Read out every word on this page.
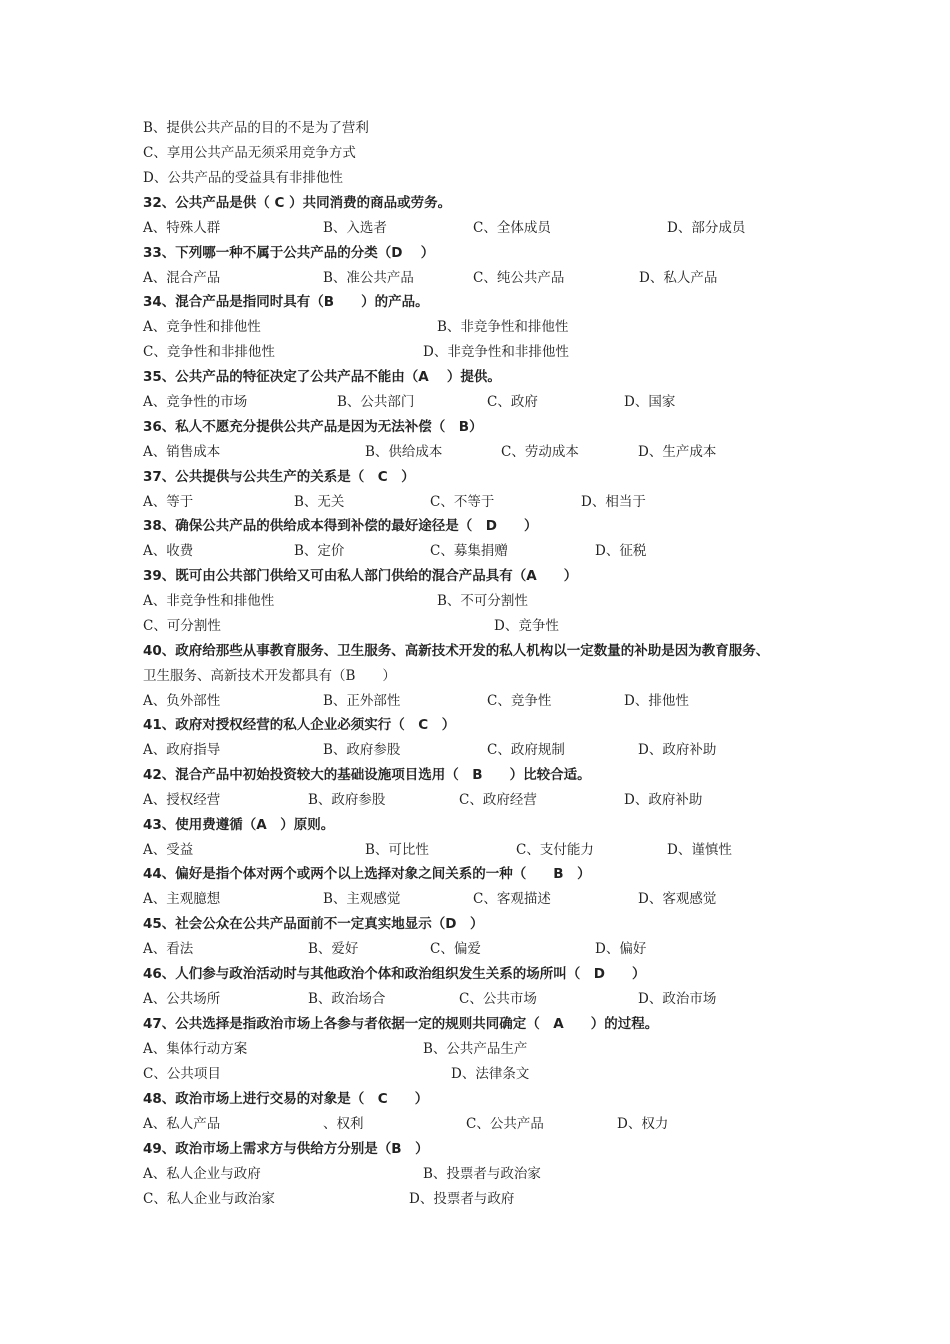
B、提供公共产品的目的不是为了营利
C、享用公共产品无须采用竞争方式
D、公共产品的受益具有非排他性
32、公共产品是供（ C ）共同消费的商品或劳务。
A、特殊人群	B、入选者	C、全体成员	D、部分成员
33、下列哪一种不属于公共产品的分类（D　 ）
A、混合产品	B、准公共产品	C、纯公共产品	D、私人产品
34、混合产品是指同时具有（B　　）的产品。
A、竞争性和排他性	B、非竞争性和排他性
C、竞争性和非排他性	D、非竞争性和非排他性
35、公共产品的特征决定了公共产品不能由（A　 ）提供。
A、竞争性的市场	B、公共部门	C、政府	D、国家
36、私人不愿充分提供公共产品是因为无法补偿（　B）
A、销售成本	B、供给成本	C、劳动成本	D、生产成本
37、公共提供与公共生产的关系是（　C　）
A、等于	B、无关	C、不等于	D、相当于
38、确保公共产品的供给成本得到补偿的最好途径是（　D　　）
A、收费	B、定价	C、募集捐赠	D、征税
39、既可由公共部门供给又可由私人部门供给的混合产品具有（A　　）
A、非竞争性和排他性	B、不可分割性
C、可分割性	D、竞争性
40、政府给那些从事教育服务、卫生服务、高新技术开发的私人机构以一定数量的补助是因为教育服务、
卫生服务、高新技术开发都具有（B　　）
A、负外部性	B、正外部性	C、竞争性	D、排他性
41、政府对授权经营的私人企业必须实行（　C　）
A、政府指导	B、政府参股	C、政府规制	D、政府补助
42、混合产品中初始投资较大的基础设施项目选用（　B　　）比较合适。
A、授权经营	B、政府参股	C、政府经营	D、政府补助
43、使用费遵循（A　）原则。
A、受益	B、可比性	C、支付能力	D、谨慎性
44、偏好是指个体对两个或两个以上选择对象之间关系的一种（　　B　）
A、主观臆想	B、主观感觉	C、客观描述	D、客观感觉
45、社会公众在公共产品面前不一定真实地显示（D　）
A、看法	B、爱好	C、偏爱	D、偏好
46、人们参与政治活动时与其他政治个体和政治组织发生关系的场所叫（　D　　）
A、公共场所	B、政治场合	C、公共市场	D、政治市场
47、公共选择是指政治市场上各参与者依据一定的规则共同确定（　A　　）的过程。
A、集体行动方案	B、公共产品生产
C、公共项目	D、法律条文
48、政治市场上进行交易的对象是（　C　　）
A、私人产品	、权利	C、公共产品	D、权力
49、政治市场上需求方与供给方分别是（B　）
A、私人企业与政府	B、投票者与政治家
C、私人企业与政治家	D、投票者与政府
